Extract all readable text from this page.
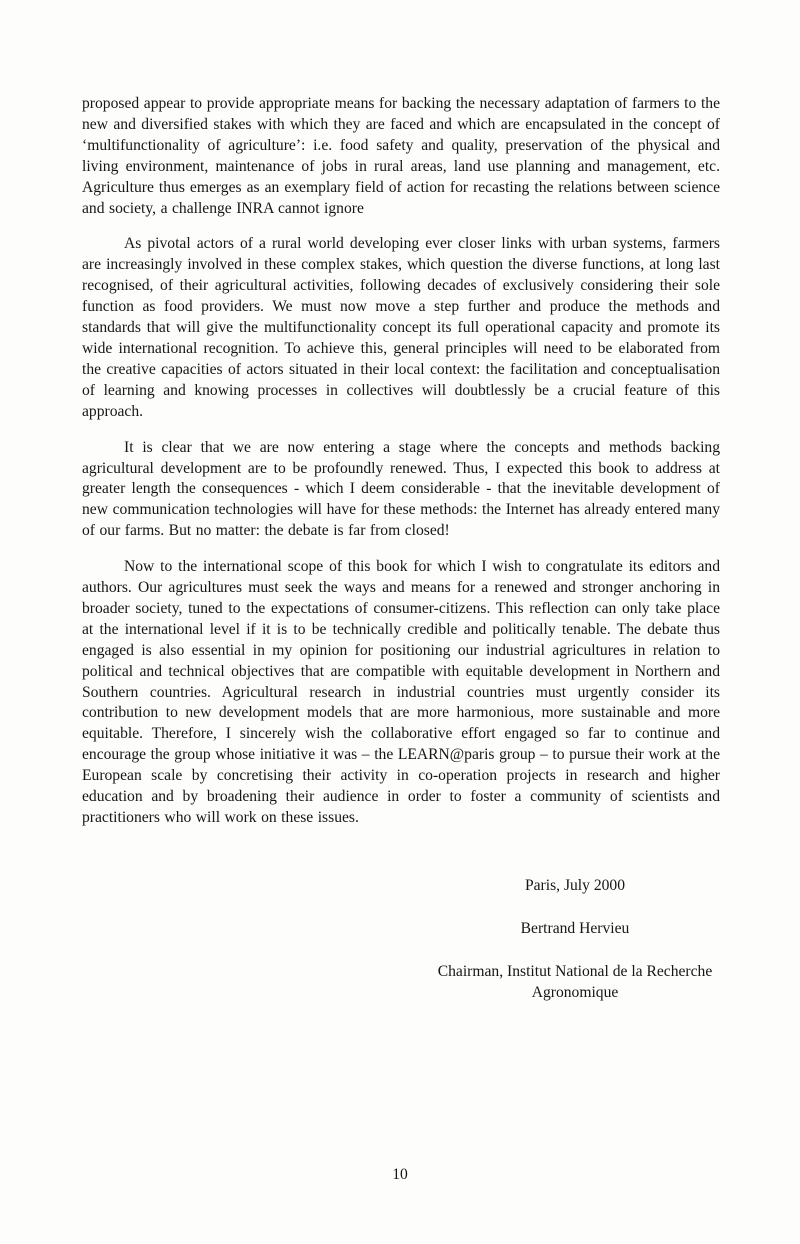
proposed appear to provide appropriate means for backing the necessary adaptation of farmers to the new and diversified stakes with which they are faced and which are encapsulated in the concept of ‘multifunctionality of agriculture’: i.e. food safety and quality, preservation of the physical and living environment, maintenance of jobs in rural areas, land use planning and management, etc. Agriculture thus emerges as an exemplary field of action for recasting the relations between science and society, a challenge INRA cannot ignore

As pivotal actors of a rural world developing ever closer links with urban systems, farmers are increasingly involved in these complex stakes, which question the diverse functions, at long last recognised, of their agricultural activities, following decades of exclusively considering their sole function as food providers. We must now move a step further and produce the methods and standards that will give the multifunctionality concept its full operational capacity and promote its wide international recognition. To achieve this, general principles will need to be elaborated from the creative capacities of actors situated in their local context: the facilitation and conceptualisation of learning and knowing processes in collectives will doubtlessly be a crucial feature of this approach.

It is clear that we are now entering a stage where the concepts and methods backing agricultural development are to be profoundly renewed. Thus, I expected this book to address at greater length the consequences - which I deem considerable - that the inevitable development of new communication technologies will have for these methods: the Internet has already entered many of our farms. But no matter: the debate is far from closed!

Now to the international scope of this book for which I wish to congratulate its editors and authors. Our agricultures must seek the ways and means for a renewed and stronger anchoring in broader society, tuned to the expectations of consumer-citizens. This reflection can only take place at the international level if it is to be technically credible and politically tenable. The debate thus engaged is also essential in my opinion for positioning our industrial agricultures in relation to political and technical objectives that are compatible with equitable development in Northern and Southern countries. Agricultural research in industrial countries must urgently consider its contribution to new development models that are more harmonious, more sustainable and more equitable. Therefore, I sincerely wish the collaborative effort engaged so far to continue and encourage the group whose initiative it was – the LEARN@paris group – to pursue their work at the European scale by concretising their activity in co-operation projects in research and higher education and by broadening their audience in order to foster a community of scientists and practitioners who will work on these issues.

Paris, July 2000
Bertrand Hervieu
Chairman, Institut National de la Recherche Agronomique
10
